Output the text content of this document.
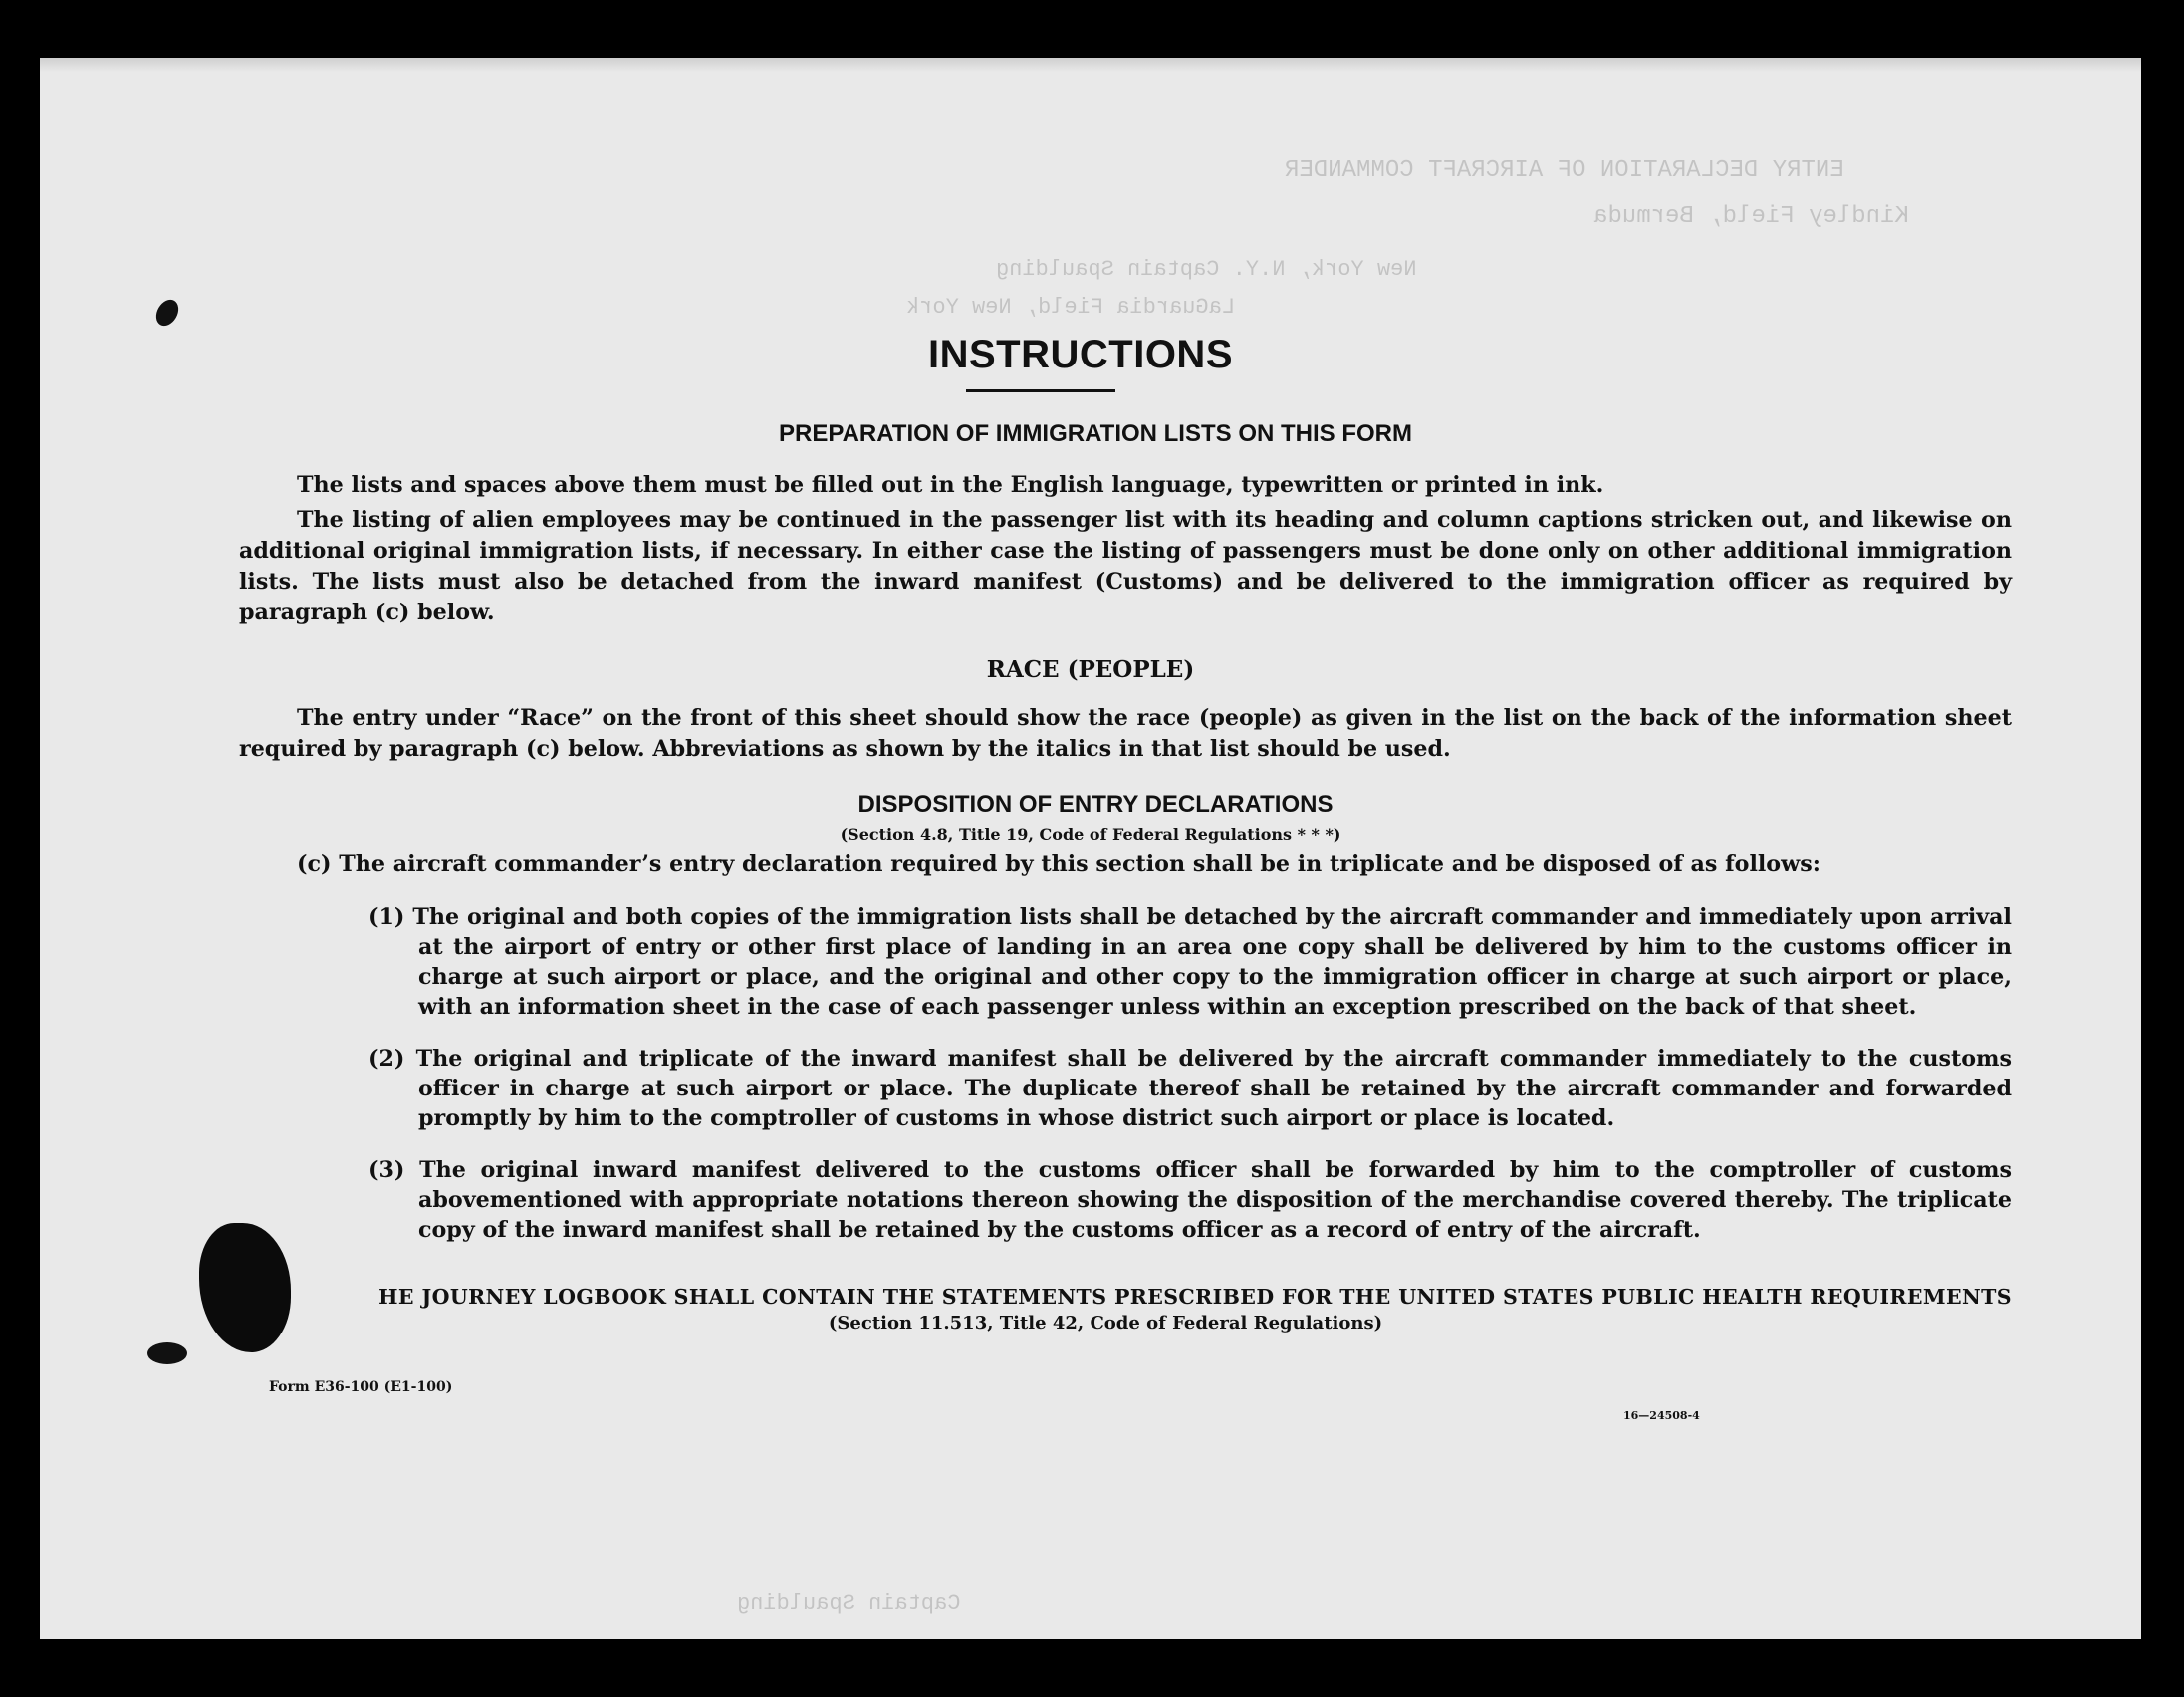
ENTRY DECLARATION OF AIRCRAFT COMMANDER
Kindley Field, Bermuda
New York, N.Y. Captain Spaulding
LaGuardia Field, New York
Captain Spaulding
INSTRUCTIONS
PREPARATION OF IMMIGRATION LISTS ON THIS FORM

The lists and spaces above them must be filled out in the English language, typewritten or printed in ink.

The listing of alien employees may be continued in the passenger list with its heading and column captions stricken out, and likewise on additional original immigration lists, if necessary. In either case the listing of passengers must be done only on other additional immigration lists. The lists must also be detached from the inward manifest (Customs) and be delivered to the immigration officer as required by paragraph (c) below.

RACE (PEOPLE)

The entry under “Race” on the front of this sheet should show the race (people) as given in the list on the back of the information sheet required by paragraph (c) below. Abbreviations as shown by the italics in that list should be used.

DISPOSITION OF ENTRY DECLARATIONS
(Section 4.8, Title 19, Code of Federal Regulations * * *)
(c) The aircraft commander’s entry declaration required by this section shall be in triplicate and be disposed of as follows:

(1) The original and both copies of the immigration lists shall be detached by the aircraft commander and immediately upon arrival at the airport of entry or other first place of landing in an area one copy shall be delivered by him to the customs officer in charge at such airport or place, and the original and other copy to the immigration officer in charge at such airport or place, with an information sheet in the case of each passenger unless within an exception prescribed on the back of that sheet.

(2) The original and triplicate of the inward manifest shall be delivered by the aircraft commander immediately to the customs officer in charge at such airport or place. The duplicate thereof shall be retained by the aircraft commander and forwarded promptly by him to the comptroller of customs in whose district such airport or place is located.

(3) The original inward manifest delivered to the customs officer shall be forwarded by him to the comptroller of customs abovementioned with appropriate notations thereon showing the disposition of the merchandise covered thereby. The triplicate copy of the inward manifest shall be retained by the customs officer as a record of entry of the aircraft.

HE JOURNEY LOGBOOK SHALL CONTAIN THE STATEMENTS PRESCRIBED FOR THE UNITED STATES PUBLIC HEALTH REQUIREMENTS
(Section 11.513, Title 42, Code of Federal Regulations)
Form E36-100 (E1-100)
16—24508-4
